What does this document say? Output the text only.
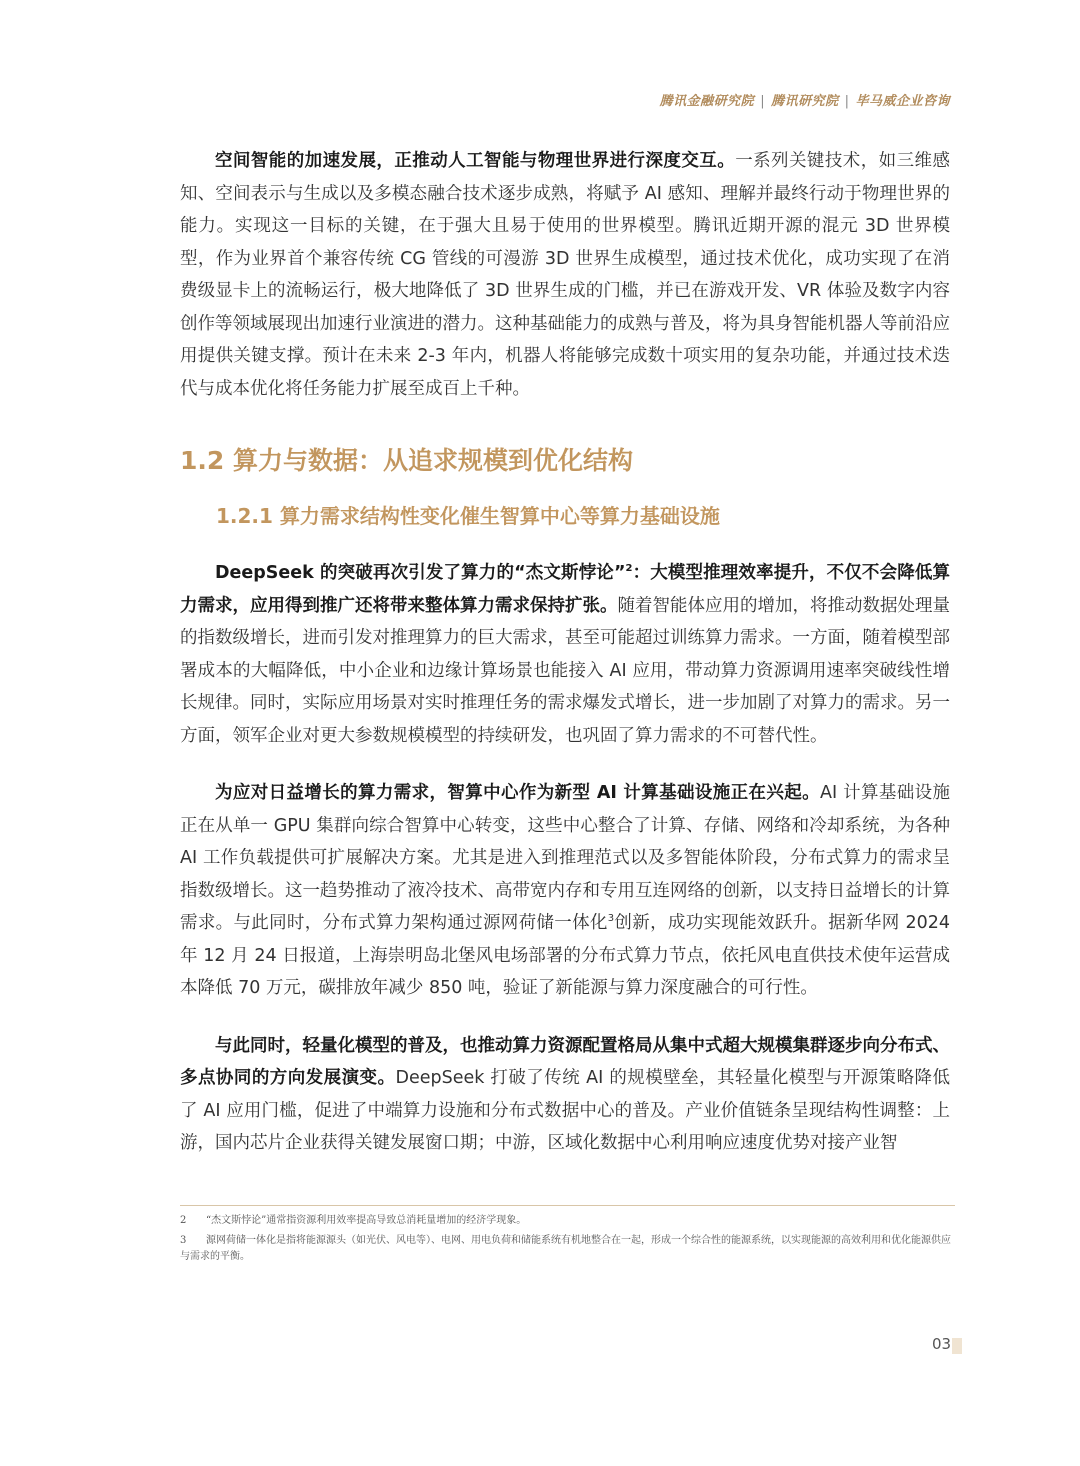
腾讯金融研究院 | 腾讯研究院 | 毕马威企业咨询

空间智能的加速发展，正推动人工智能与物理世界进行深度交互。一系列关键技术，如三维感知、空间表示与生成以及多模态融合技术逐步成熟，将赋予 AI 感知、理解并最终行动于物理世界的能力。实现这一目标的关键，在于强大且易于使用的世界模型。腾讯近期开源的混元 3D 世界模型，作为业界首个兼容传统 CG 管线的可漫游 3D 世界生成模型，通过技术优化，成功实现了在消费级显卡上的流畅运行，极大地降低了 3D 世界生成的门槛，并已在游戏开发、VR 体验及数字内容创作等领域展现出加速行业演进的潜力。这种基础能力的成熟与普及，将为具身智能机器人等前沿应用提供关键支撑。预计在未来 2-3 年内，机器人将能够完成数十项实用的复杂功能，并通过技术迭代与成本优化将任务能力扩展至成百上千种。

1.2 算力与数据：从追求规模到优化结构
1.2.1 算力需求结构性变化催生智算中心等算力基础设施

DeepSeek 的突破再次引发了算力的“杰文斯悖论”$^2$：大模型推理效率提升，不仅不会降低算力需求，应用得到推广还将带来整体算力需求保持扩张。随着智能体应用的增加，将推动数据处理量的指数级增长，进而引发对推理算力的巨大需求，甚至可能超过训练算力需求。一方面，随着模型部署成本的大幅降低，中小企业和边缘计算场景也能接入 AI 应用，带动算力资源调用速率突破线性增长规律。同时，实际应用场景对实时推理任务的需求爆发式增长，进一步加剧了对算力的需求。另一方面，领军企业对更大参数规模模型的持续研发，也巩固了算力需求的不可替代性。

为应对日益增长的算力需求，智算中心作为新型 AI 计算基础设施正在兴起。AI 计算基础设施正在从单一 GPU 集群向综合智算中心转变，这些中心整合了计算、存储、网络和冷却系统，为各种 AI 工作负载提供可扩展解决方案。尤其是进入到推理范式以及多智能体阶段，分布式算力的需求呈指数级增长。这一趋势推动了液冷技术、高带宽内存和专用互连网络的创新，以支持日益增长的计算需求。与此同时，分布式算力架构通过源网荷储一体化$^3$创新，成功实现能效跃升。据新华网 2024 年 12 月 24 日报道，上海崇明岛北堡风电场部署的分布式算力节点，依托风电直供技术使年运营成本降低 70 万元，碳排放年减少 850 吨，验证了新能源与算力深度融合的可行性。

与此同时，轻量化模型的普及，也推动算力资源配置格局从集中式超大规模集群逐步向分布式、多点协同的方向发展演变。DeepSeek 打破了传统 AI 的规模壁垒，其轻量化模型与开源策略降低了 AI 应用门槛，促进了中端算力设施和分布式数据中心的普及。产业价值链条呈现结构性调整：上游，国内芯片企业获得关键发展窗口期；中游，区域化数据中心利用响应速度优势对接产业智

2 “杰文斯悖论”通常指资源利用效率提高导致总消耗量增加的经济学现象。
3 源网荷储一体化是指将能源源头（如光伏、风电等）、电网、用电负荷和储能系统有机地整合在一起，形成一个综合性的能源系统，以实现能源的高效利用和优化能源供应与需求的平衡。
03
